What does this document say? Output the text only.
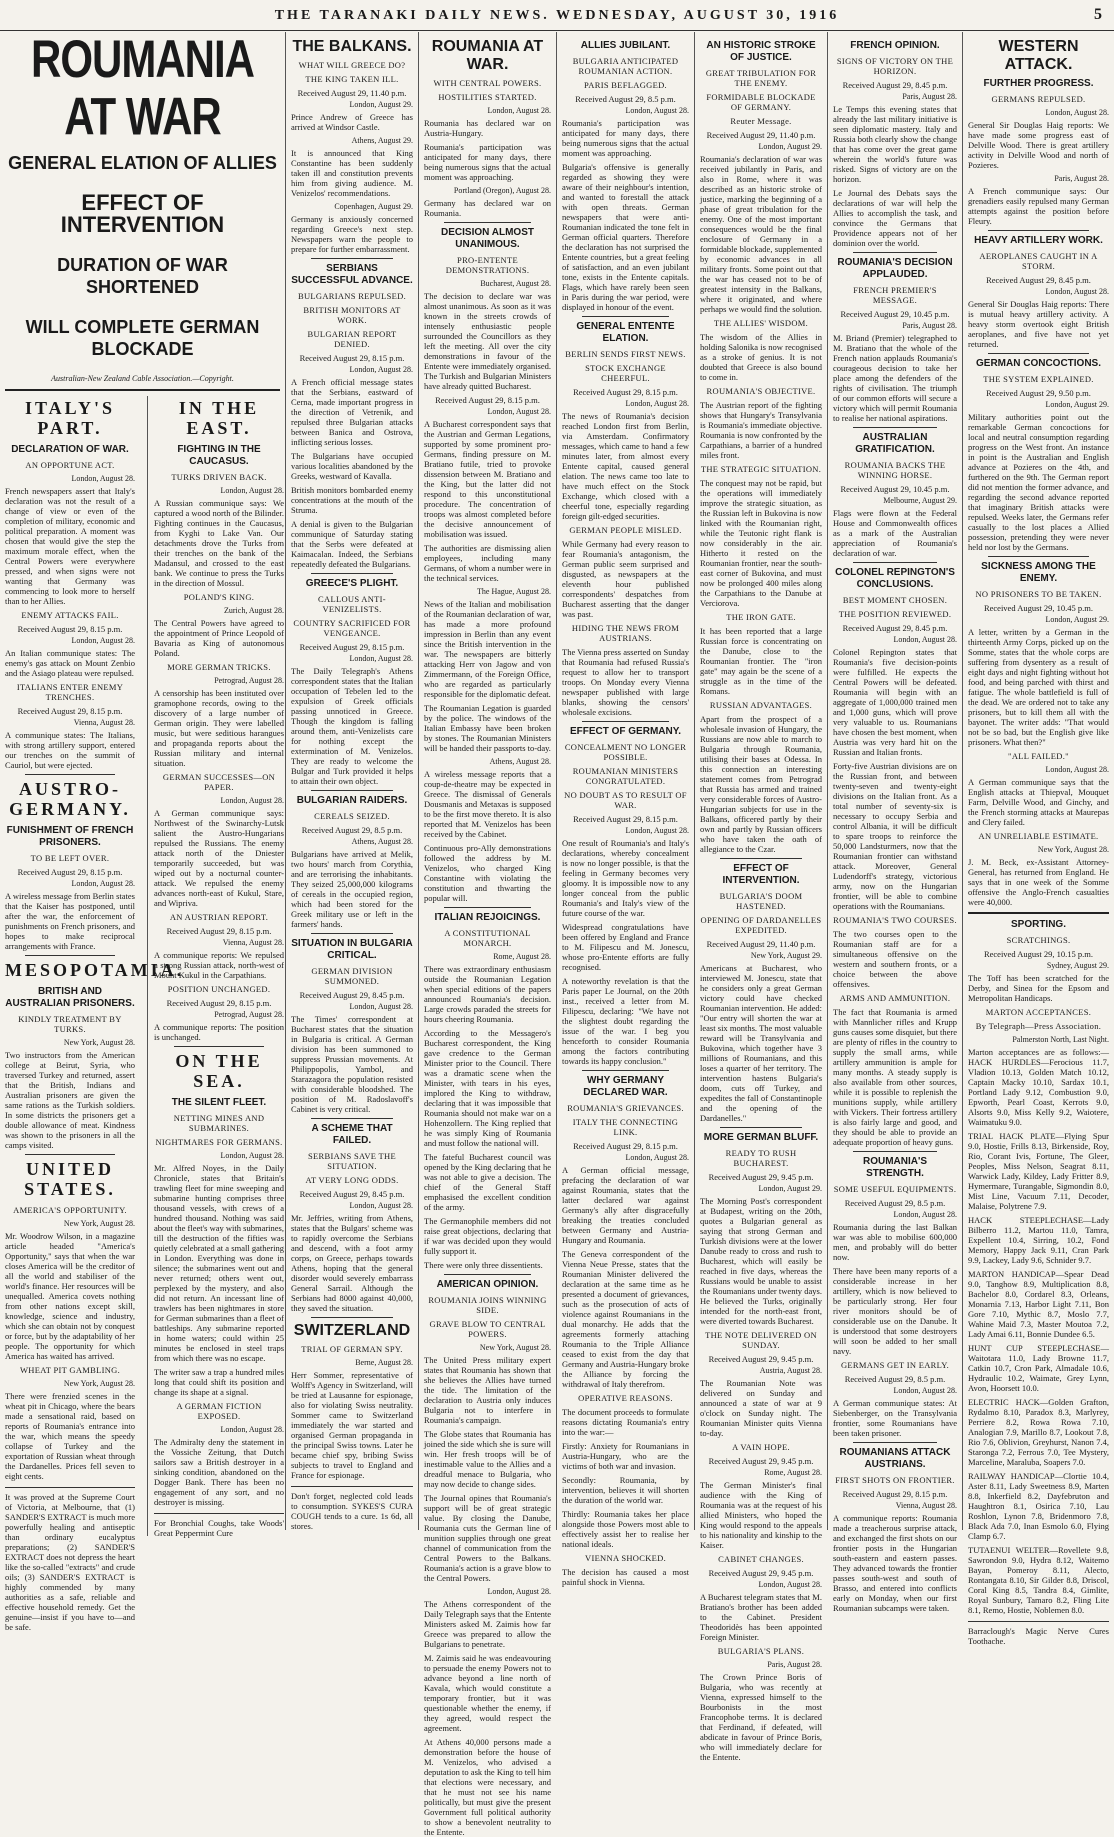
THE TARANAKI DAILY NEWS. WEDNESDAY, AUGUST 30, 1916	5
ROUMANIA AT WAR
GENERAL ELATION OF ALLIES
EFFECT OF INTERVENTION
DURATION OF WAR SHORTENED
WILL COMPLETE GERMAN BLOCKADE
Australian-New Zealand Cable Association.—Copyright.
ITALY'S PART.
DECLARATION OF WAR.
AN OPPORTUNE ACT.
London, August 28.

French newspapers assert that Italy's declaration was not the result of a change of view or even of the completion of military, economic and political preparation. A moment was chosen that would give the step the maximum morale effect, when the Central Powers were everywhere pressed, and when signs were not wanting that Germany was commencing to look more to herself than to her Allies.

ENEMY ATTACKS FAIL.
Received August 29, 8.15 p.m.
London, August 28.

An Italian communique states: The enemy's gas attack on Mount Zenbio and the Asiago plateau were repulsed.

ITALIANS ENTER ENEMY TRENCHES.
Received August 29, 8.15 p.m.
Vienna, August 28.

A communique states: The Italians, with strong artillery support, entered our trenches on the summit of Cauriol, but were ejected.

AUSTRO-GERMANY.
FUNISHMENT OF FRENCH PRISONERS.
TO BE LEFT OVER.
Received August 29, 8.15 p.m.
London, August 28.

A wireless message from Berlin states that the Kaiser has postponed, until after the war, the enforcement of punishments on French prisoners, and hopes to make reciprocal arrangements with France.

MESOPOTAMIA.
BRITISH AND AUSTRALIAN PRISONERS.
KINDLY TREATMENT BY TURKS.
New York, August 28.

Two instructors from the American college at Beirut, Syria, who traversed Turkey and returned, assert that the British, Indians and Australian prisoners are given the same rations as the Turkish soldiers. In some districts the prisoners get a double allowance of meat. Kindness was shown to the prisoners in all the camps visited.

UNITED STATES.
AMERICA'S OPPORTUNITY.
New York, August 28.

Mr. Woodrow Wilson, in a magazine article headed "America's Opportunity," says that when the war closes America will be the creditor of all the world and stabiliser of the world's finance. Her resources will be unequalled. America covets nothing from other nations except skill, knowledge, science and industry, which she can obtain not by conquest or force, but by the adaptability of her people. The opportunity for which America has waited has arrived.

WHEAT PIT GAMBLING.
New York, August 28.

There were frenzied scenes in the wheat pit in Chicago, where the bears made a sensational raid, based on reports of Roumania's entrance into the war, which means the speedy collapse of Turkey and the exportation of Russian wheat through the Dardanelles. Prices fell seven to eight cents.

It was proved at the Supreme Court of Victoria, at Melbourne, that (1) SANDER'S EXTRACT is much more powerfully healing and antiseptic than ordinary eucalyptus preparations; (2) SANDER'S EXTRACT does not depress the heart like the so-called "extracts" and crude oils; (3) SANDER'S EXTRACT is highly commended by many authorities as a safe, reliable and effective household remedy. Get the genuine—insist if you have to—and be safe.

IN THE EAST.
FIGHTING IN THE CAUCASUS.
TURKS DRIVEN BACK.
London, August 28.

A Russian communique says: We captured a wood north of the Bilinder. Fighting continues in the Caucasus, from Kyghi to Lake Van. Our detachments drove the Turks from their trenches on the bank of the Madansul, and crossed to the east bank. We continue to press the Turks in the direction of Mossul.

POLAND'S KING.
Zurich, August 28.

The Central Powers have agreed to the appointment of Prince Leopold of Bavaria as King of autonomous Poland.

MORE GERMAN TRICKS.
Petrograd, August 28.

A censorship has been instituted over gramophone records, owing to the discovery of a large number of German origin. They were labelled music, but were seditious harangues and propaganda reports about the Russian military and internal situation.

GERMAN SUCCESSES—ON PAPER.
London, August 28.

A German communique says: Northwest of the Swinarchy-Lutsk salient the Austro-Hungarians repulsed the Russians. The enemy attack north of the Dniester temporarily succeeded, but was wiped out by a nocturnal counter-attack. We repulsed the enemy advances north-east of Kukul, Stare, and Wipriva.

AN AUSTRIAN REPORT.
Received August 29, 8.15 p.m.
Vienna, August 28.

A communique reports: We repulsed a strong Russian attack, north-west of Mount Kukul in the Carpathians.

POSITION UNCHANGED.
Received August 29, 8.15 p.m.
Petrograd, August 28.

A communique reports: The position is unchanged.

ON THE SEA.
THE SILENT FLEET.
NETTING MINES AND SUBMARINES.
NIGHTMARES FOR GERMANS.
London, August 28.

Mr. Alfred Noyes, in the Daily Chronicle, states that Britain's trawling fleet for mine sweeping and submarine hunting comprises three thousand vessels, with crews of a hundred thousand. Nothing was said about the fleet's way with submarines, till the destruction of the fifties was quietly celebrated at a small gathering in London. Everything was done in silence; the submarines went out and never returned; others went out, perplexed by the mystery, and also did not return. An incessant line of trawlers has been nightmares in store for German submarines than a fleet of battleships. Any submarine reported in home waters; could within 25 minutes be enclosed in steel traps from which there was no escape.

The writer saw a trap a hundred miles long that could shift its position and change its shape at a signal.

A GERMAN FICTION EXPOSED.
London, August 28.

The Admiralty deny the statement in the Vossiche Zeitung, that Dutch sailors saw a British destroyer in a sinking condition, abandoned on the Dogger Bank. There has been no engagement of any sort, and no destroyer is missing.

For Bronchial Coughs, take Woods' Great Peppermint Cure

THE BALKANS.
WHAT WILL GREECE DO?
THE KING TAKEN ILL.
Received August 29, 11.40 p.m.
London, August 29.

Prince Andrew of Greece has arrived at Windsor Castle.

Athens, August 29.

It is announced that King Constantine has been suddenly taken ill and constitution prevents him from giving audience. M. Venizelos' recommendations.

Copenhagen, August 29.

Germany is anxiously concerned regarding Greece's next step. Newspapers warn the people to prepare for further embarrassment.

SERBIANS SUCCESSFUL ADVANCE.
BULGARIANS REPULSED.
BRITISH MONITORS AT WORK.
BULGARIAN REPORT DENIED.
Received August 29, 8.15 p.m.
London, August 28.

A French official message states that the Serbians, eastward of Cerna, made important progress in the direction of Vetrenik, and repulsed three Bulgarian attacks between Banica and Ostrova, inflicting serious losses.

The Bulgarians have occupied various localities abandoned by the Greeks, westward of Kavalla.

British monitors bombarded enemy concentrations at the mouth of the Struma.

A denial is given to the Bulgarian communique of Saturday stating that the Serbs were defeated at Kaimacalan. Indeed, the Serbians repeatedly defeated the Bulgarians.

GREECE'S PLIGHT.
CALLOUS ANTI-VENIZELISTS.
COUNTRY SACRIFICED FOR VENGEANCE.
Received August 29, 8.15 p.m.
London, August 28.

The Daily Telegraph's Athens correspondent states that the Italian occupation of Tebelen led to the expulsion of Greek officials passing unnoticed in Greece. Though the kingdom is falling around them, anti-Venizelists care for nothing except the extermination of M. Venizelos. They are ready to welcome the Bulgar and Turk provided it helps to attain their own object.

BULGARIAN RAIDERS.
CEREALS SEIZED.
Received August 29, 8.5 p.m.
Athens, August 28.

Bulgarians have arrived at Melik, two hours' march from Corythia, and are terrorising the inhabitants. They seized 25,000,000 kilograms of cereals in the occupied region, which had been stored for the Greek military use or left in the farmers' hands.

SITUATION IN BULGARIA CRITICAL.
GERMAN DIVISION SUMMONED.
Received August 29, 8.45 p.m.
London, August 28.

The Times' correspondent at Bucharest states that the situation in Bulgaria is critical. A German division has been summoned to suppress Prussian movements. At Philippopolis, Yambol, and Starazagora the population resisted with considerable bloodshed. The position of M. Radoslavoff's Cabinet is very critical.

A SCHEME THAT FAILED.
SERBIANS SAVE THE SITUATION.
AT VERY LONG ODDS.
Received August 29, 8.45 p.m.
London, August 28.

Mr. Jeffries, writing from Athens, states that the Bulgars' scheme was to rapidly overcome the Serbians and descend, with a foot army corps, on Greece, perhaps towards Athens, hoping that the general disorder would severely embarrass General Sarrail. Although the Serbians had 8000 against 40,000, they saved the situation.

SWITZERLAND
TRIAL OF GERMAN SPY.
Berne, August 28.

Herr Sommer, representative of Wolff's Agency in Switzerland, will be tried at Lausanne for espionage, also for violating Swiss neutrality. Sommer came to Switzerland immediately the war started and organised German propaganda in the principal Swiss towns. Later he became chief spy, bribing Swiss subjects to travel to England and France for espionage.

Don't forget, neglected cold leads to consumption. SYKES'S CURA COUGH tends to a cure. 1s 6d, all stores.

ROUMANIA AT WAR.
WITH CENTRAL POWERS.
HOSTILITIES STARTED.
London, August 28.

Roumania has declared war on Austria-Hungary.

Roumania's participation was anticipated for many days, there being numerous signs that the actual moment was approaching.

Portland (Oregon), August 28.

Germany has declared war on Roumania.

DECISION ALMOST UNANIMOUS.
PRO-ENTENTE DEMONSTRATIONS.
Bucharest, August 28.

The decision to declare war was almost unanimous. As soon as it was known in the streets crowds of intensely enthusiastic people surrounded the Councillors as they left the meeting. All over the city demonstrations in favour of the Entente were immediately organised. The Turkish and Bulgarian Ministers have already quitted Bucharest.

Received August 29, 8.15 p.m.
London, August 28.

A Bucharest correspondent says that the Austrian and German Legations, supported by some prominent pro-Germans, finding pressure on M. Bratiano futile, tried to provoke dissension between M. Bratiano and the King, but the latter did not respond to this unconstitutional procedure. The concentration of troops was almost completed before the decisive announcement of mobilisation was issued.

The authorities are dismissing alien employees, including many Germans, of whom a number were in the technical services.

The Hague, August 28.

News of the Italian and mobilisation of the Roumanian declaration of war, has made a more profound impression in Berlin than any event since the British intervention in the war. The newspapers are bitterly attacking Herr von Jagow and von Zimmermann, of the Foreign Office, who are regarded as particularly responsible for the diplomatic defeat.

The Roumanian Legation is guarded by the police. The windows of the Italian Embassy have been broken by stones. The Roumanian Ministers will be handed their passports to-day.

Athens, August 28.

A wireless message reports that a coup-de-theatre may be expected in Greece. The dismissal of Generals Dousmanis and Metaxas is supposed to be the first move thereto. It is also reported that M. Venizelos has been received by the Cabinet.

Continuous pro-Ally demonstrations followed the address by M. Venizelos, who charged King Constantine with violating the constitution and thwarting the popular will.

ITALIAN REJOICINGS.
A CONSTITUTIONAL MONARCH.
Rome, August 28.

There was extraordinary enthusiasm outside the Roumanian Legation when special editions of the papers announced Roumania's decision. Large crowds paraded the streets for hours cheering Roumania.

According to the Messagero's Bucharest correspondent, the King gave credence to the German Minister prior to the Council. There was a dramatic scene when the Minister, with tears in his eyes, implored the King to withdraw, declaring that it was impossible that Roumania should not make war on a Hohenzollern. The King replied that he was simply King of Roumania and must follow the national will.

The fateful Bucharest council was opened by the King declaring that he was not able to give a decision. The chief of the General Staff emphasised the excellent condition of the army.

The Germanophile members did not raise great objections, declaring that if war was decided upon they would fully support it.

There were only three dissentients.

AMERICAN OPINION.
ROUMANIA JOINS WINNING SIDE.
GRAVE BLOW TO CENTRAL POWERS.
New York, August 28.

The United Press military expert states that Roumania has shown that she believes the Allies have turned the tide. The limitation of the declaration to Austria only induces Bulgaria not to interfere in Roumania's campaign.

The Globe states that Roumania has joined the side which she is sure will win. Her fresh troops will be of inestimable value to the Allies and a dreadful menace to Bulgaria, who may now decide to change sides.

The Journal opines that Roumania's support will be of great strategic value. By closing the Danube, Roumania cuts the German line of munition supplies through one great channel of communication from the Central Powers to the Balkans. Roumania's action is a grave blow to the Central Powers.

London, August 28.

The Athens correspondent of the Daily Telegraph says that the Entente Ministers asked M. Zaimis how far Greece was prepared to allow the Bulgarians to penetrate.

M. Zaimis said he was endeavouring to persuade the enemy Powers not to advance beyond a line north of Kavala, which would constitute a temporary frontier, but it was questionable whether the enemy, if they agreed, would respect the agreement.

At Athens 40,000 persons made a demonstration before the house of M. Venizelos, who advised a deputation to ask the King to tell him that elections were necessary, and that he must not see his name politically, but must give the present Government full political authority to show a benevolent neutrality to the Entente.

ALLIES JUBILANT.
BULGARIA ANTICIPATED ROUMANIAN ACTION.
PARIS BEFLAGGED.
Received August 29, 8.5 p.m.
London, August 28.

Roumania's participation was anticipated for many days, there being numerous signs that the actual moment was approaching.

Bulgaria's offensive is generally regarded as showing they were aware of their neighbour's intention, and wanted to forestall the attack with open threats. German newspapers that were anti-Roumanian indicated the tone felt in German official quarters. Therefore the declaration has not surprised the Entente countries, but a great feeling of satisfaction, and an even jubilant tone, exists in the Entente capitals. Flags, which have rarely been seen in Paris during the war period, were displayed in honour of the event.

GENERAL ENTENTE ELATION.
BERLIN SENDS FIRST NEWS.
STOCK EXCHANGE CHEERFUL.
Received August 29, 8.15 p.m.
London, August 28.

The news of Roumania's decision reached London first from Berlin, via Amsterdam. Confirmatory messages, which came to hand a few minutes later, from almost every Entente capital, caused general elation. The news came too late to have much effect on the Stock Exchange, which closed with a cheerful tone, especially regarding foreign gilt-edged securities.

GERMAN PEOPLE MISLED.

While Germany had every reason to fear Roumania's antagonism, the German public seem surprised and disgusted, as newspapers at the eleventh hour published correspondents' despatches from Bucharest asserting that the danger was past.

HIDING THE NEWS FROM AUSTRIANS.

The Vienna press asserted on Sunday that Roumania had refused Russia's request to allow her to transport troops. On Monday every Vienna newspaper published with large blanks, showing the censors' wholesale excisions.

EFFECT OF GERMANY.
CONCEALMENT NO LONGER POSSIBLE.
ROUMANIAN MINISTERS CONGRATULATED.
NO DOUBT AS TO RESULT OF WAR.
Received August 29, 8.15 p.m.
London, August 28.

One result of Roumania's and Italy's declarations, whereby concealment is now no longer possible, is that the feeling in Germany becomes very gloomy. It is impossible now to any longer conceal from the public Roumania's and Italy's view of the future course of the war.

Widespread congratulations have been offered by England and France to M. Filipescu and M. Jonescu, whose pro-Entente efforts are fully recognised.

A noteworthy revelation is that the Paris paper Le Journal, on the 20th inst., received a letter from M. Filipescu, declaring: "We have not the slightest doubt regarding the issue of the war. I beg you henceforth to consider Roumania among the factors contributing towards its happy conclusion."

WHY GERMANY DECLARED WAR.
ROUMANIA'S GRIEVANCES.
ITALY THE CONNECTING LINK.
Received August 29, 8.15 p.m.
London, August 28.

A German official message, prefacing the declaration of war against Roumania, states that the latter declared war against Germany's ally after disgracefully breaking the treaties concluded between Germany and Austria-Hungary and Roumania.

The Geneva correspondent of the Vienna Neue Presse, states that the Roumanian Minister delivered the declaration at the same time as he presented a document of grievances, such as the prosecution of acts of violence against Roumanians in the dual monarchy. He adds that the agreements formerly attaching Roumania to the Triple Alliance ceased to exist from the day that Germany and Austria-Hungary broke the Alliance by forcing the withdrawal of Italy therefrom.

OPERATIVE REASONS.

The document proceeds to formulate reasons dictating Roumania's entry into the war:—

Firstly: Anxiety for Roumanians in Austria-Hungary, who are the victims of both war and invasion.

Secondly: Roumania, by intervention, believes it will shorten the duration of the world war.

Thirdly: Roumania takes her place alongside those Powers most able to effectively assist her to realise her national ideals.

VIENNA SHOCKED.

The decision has caused a most painful shock in Vienna.

AN HISTORIC STROKE OF JUSTICE.
GREAT TRIBULATION FOR THE ENEMY.
FORMIDABLE BLOCKADE OF GERMANY.
Reuter Message.
Received August 29, 11.40 p.m.
London, August 29.

Roumania's declaration of war was received jubilantly in Paris, and also in Rome, where it was described as an historic stroke of justice, marking the beginning of a phase of great tribulation for the enemy. One of the most important consequences would be the final enclosure of Germany in a formidable blockade, supplemented by economic advances in all military fronts. Some point out that the war has ceased not to be of greatest intensity in the Balkans, where it originated, and where perhaps we would find the solution.

THE ALLIES' WISDOM.

The wisdom of the Allies in holding Salonika is now recognised as a stroke of genius. It is not doubted that Greece is also bound to come in.

ROUMANIA'S OBJECTIVE.

The Austrian report of the fighting shows that Hungary's Transylvania is Roumania's immediate objective. Roumania is now confronted by the Carpathians, a barrier of a hundred miles front.

THE STRATEGIC SITUATION.

The conquest may not be rapid, but the operations will immediately improve the strategic situation, as the Russian left in Bukovina is now linked with the Roumanian right, while the Teutonic right flank is now considerably in the air. Hitherto it rested on the Roumanian frontier, near the south-east corner of Bukovina, and must now be prolonged 400 miles along the Carpathians to the Danube at Verciorova.

THE IRON GATE.

It has been reported that a large Russian force is concentrating on the Danube, close to the Roumanian frontier. The "iron gate" may again be the scene of a struggle as in the time of the Romans.

RUSSIAN ADVANTAGES.

Apart from the prospect of a wholesale invasion of Hungary, the Russians are now able to march to Bulgaria through Roumania, utilising their bases at Odessa. In this connection an interesting statement comes from Petrograd that Russia has armed and trained very considerable forces of Austro-Hungarian subjects for use in the Balkans, officered partly by their own and partly by Russian officers who have taken the oath of allegiance to the Czar.

EFFECT OF INTERVENTION.
BULGARIA'S DOOM HASTENED.
OPENING OF DARDANELLES EXPEDITED.
Received August 29, 11.40 p.m.
New York, August 29.

Americans at Bucharest, who interviewed M. Jonescu, state that he considers only a great German victory could have checked Roumanian intervention. He added: "Our entry will shorten the war at least six months. The most valuable reward will be Transylvania and Bukovina, which together have 3 millions of Roumanians, and this loses a quarter of her territory. The intervention hastens Bulgaria's doom, cuts off Turkey, and expedites the fall of Constantinople and the opening of the Dardanelles."

MORE GERMAN BLUFF.
READY TO RUSH BUCHAREST.
Received August 29, 9.45 p.m.
London, August 29.

The Morning Post's correspondent at Budapest, writing on the 20th, quotes a Bulgarian general as saying that strong German and Turkish divisions were at the lower Danube ready to cross and rush to Bucharest, which will easily be reached in five days, whereas the Russians would be unable to assist the Roumanians under twenty days. He believed the Turks, originally intended for the north-east front, were diverted towards Bucharest.

THE NOTE DELIVERED ON SUNDAY.
Received August 29, 9.45 p.m.
Austria, August 28.

The Roumanian Note was delivered on Sunday and announced a state of war at 9 o'clock on Sunday night. The Roumanian Minister quits Vienna to-day.

A VAIN HOPE.
Received August 29, 9.45 p.m.
Rome, August 28.

The German Minister's final audience with the King of Roumania was at the request of his allied Ministers, who hoped the King would respond to the appeals to his nationality and kinship to the Kaiser.

CABINET CHANGES.
Received August 29, 9.45 p.m.
London, August 28.

A Bucharest telegram states that M. Bratiano's brother has been added to the Cabinet. President Theodoridès has been appointed Foreign Minister.

BULGARIA'S PLANS.
Paris, August 28.

The Crown Prince Boris of Bulgaria, who was recently at Vienna, expressed himself to the Bourbonists in the most Francophobe terms. It is declared that Ferdinand, if defeated, will abdicate in favour of Prince Boris, who will immediately declare for the Entente.

FRENCH OPINION.
SIGNS OF VICTORY ON THE HORIZON.
Received August 29, 8.45 p.m.
Paris, August 28.

Le Temps this evening states that already the last military initiative is seen diplomatic mastery. Italy and Russia both clearly show the change that has come over the great game wherein the world's future was risked. Signs of victory are on the horizon.

Le Journal des Debats says the declarations of war will help the Allies to accomplish the task, and convince the Germans that Providence appears not of her dominion over the world.

ROUMANIA'S DECISION APPLAUDED.
FRENCH PREMIER'S MESSAGE.
Received August 29, 10.45 p.m.
Paris, August 28.

M. Briand (Premier) telegraphed to M. Bratiano that the whole of the French nation applauds Roumania's courageous decision to take her place among the defenders of the rights of civilisation. The triumph of our common efforts will secure a victory which will permit Roumania to realise her national aspirations.

AUSTRALIAN GRATIFICATION.
ROUMANIA BACKS THE WINNING HORSE.
Received August 29, 10.45 p.m.
Melbourne, August 29.

Flags were flown at the Federal House and Commonwealth offices as a mark of the Australian appreciation of Roumania's declaration of war.

COLONEL REPINGTON'S CONCLUSIONS.
BEST MOMENT CHOSEN.
THE POSITION REVIEWED.
Received August 29, 8.45 p.m.
London, August 28.

Colonel Repington states that Roumania's five decision-points were fulfilled. He expects the Central Powers will be defeated. Roumania will begin with an aggregate of 1,000,000 trained men and 1,000 guns, which will prove very valuable to us. Roumanians have chosen the best moment, when Austria was very hard hit on the Russian and Italian fronts.

Forty-five Austrian divisions are on the Russian front, and between twenty-seven and twenty-eight divisions on the Italian front. As a total number of seventy-six is necessary to occupy Serbia and control Albania, it will be difficult to spare troops to reinforce the 50,000 Landsturmers, now that the Roumanian frontier can withstand attack. Moreover, General Ludendorff's strategy, victorious army, now on the Hungarian frontier, will be able to combine operations with the Roumanians.

ROUMANIA'S TWO COURSES.

The two courses open to the Roumanian staff are for a simultaneous offensive on the western and southern fronts, or a choice between the above offensives.

ARMS AND AMMUNITION.

The fact that Roumania is armed with Mannlicher rifles and Krupp guns causes some disquiet, but there are plenty of rifles in the country to supply the small arms, while artillery ammunition is ample for many months. A steady supply is also available from other sources, while it is possible to replenish the munitions supply, while artillery with Vickers. Their fortress artillery is also fairly large and good, and they should be able to provide an adequate proportion of heavy guns.

ROUMANIA'S STRENGTH.
SOME USEFUL EQUIPMENTS.
Received August 29, 8.5 p.m.
London, August 28.

Roumania during the last Balkan war was able to mobilise 600,000 men, and probably will do better now.

There have been many reports of a considerable increase in her artillery, which is now believed to be particularly strong. Her four river monitors should be of considerable use on the Danube. It is understood that some destroyers will soon be added to her small navy.

GERMANS GET IN EARLY.
Received August 29, 8.5 p.m.
London, August 28.

A German communique states: At Siebenberger, on the Transylvania frontier, some Roumanians have been taken prisoner.

ROUMANIANS ATTACK AUSTRIANS.
FIRST SHOTS ON FRONTIER.
Received August 29, 8.15 p.m.
Vienna, August 28.

A communique reports: Roumania made a treacherous surprise attack, and exchanged the first shots on our frontier posts in the Hungarian south-eastern and eastern passes. They advanced towards the frontier passes south-west and south of Brasso, and entered into conflicts early on Monday, when our first Roumanian subcamps were taken.

WESTERN ATTACK.
FURTHER PROGRESS.
GERMANS REPULSED.
London, August 28.

General Sir Douglas Haig reports: We have made some progress east of Delville Wood. There is great artillery activity in Delville Wood and north of Pozieres.

Paris, August 28.

A French communique says: Our grenadiers easily repulsed many German attempts against the position before Fleury.

HEAVY ARTILLERY WORK.
AEROPLANES CAUGHT IN A STORM.
Received August 29, 8.45 p.m.
London, August 28.

General Sir Douglas Haig reports: There is mutual heavy artillery activity. A heavy storm overtook eight British aeroplanes, and five have not yet returned.

GERMAN CONCOCTIONS.
THE SYSTEM EXPLAINED.
Received August 29, 9.50 p.m.
London, August 29.

Military authorities point out the remarkable German concoctions for local and neutral consumption regarding progress on the West front. An instance in point is the Australian and English advance at Pozieres on the 4th, and furthered on the 9th. The German report did not mention the former advance, and regarding the second advance reported that imaginary British attacks were repulsed. Weeks later, the Germans refer casually to the lost places a Allied possession, pretending they were never held nor lost by the Germans.

SICKNESS AMONG THE ENEMY.
NO PRISONERS TO BE TAKEN.
Received August 29, 10.45 p.m.
London, August 29.

A letter, written by a German in the thirteenth Army Corps, picked up on the Somme, states that the whole corps are suffering from dysentery as a result of eight days and night fighting without hot food, and being parched with thirst and fatigue. The whole battlefield is full of the dead. We are ordered not to take any prisoners, but to kill them all with the bayonet. The writer adds: "That would not be so bad, but the English give like prisoners. What then?"

"ALL FAILED."
London, August 28.

A German communique says that the English attacks at Thiepval, Mouquet Farm, Delville Wood, and Ginchy, and the French storming attacks at Maurepas and Clery failed.

AN UNRELIABLE ESTIMATE.
New York, August 28.

J. M. Beck, ex-Assistant Attorney-General, has returned from England. He says that in one week of the Somme offensive the Anglo-French casualties were 40,000.

SPORTING.
SCRATCHINGS.
Received August 29, 10.15 p.m.
Sydney, August 29.

The Toff has been scratched for the Derby, and Sinea for the Epsom and Metropolitan Handicaps.

MARTON ACCEPTANCES.
By Telegraph—Press Association.
Palmerston North, Last Night.

Marton acceptances are as follows:—HACK HURDLES—Ferocious 11.7, Vladion 10.13, Golden Match 10.12, Captain Macky 10.10, Sardax 10.1, Portland Lady 9.12, Combustion 9.0, Epworth, Pearl Coast, Kerrots 9.0, Alsorts 9.0, Miss Kelly 9.2, Waiotere, Waimatuku 9.0.

TRIAL HACK PLATE—Flying Spur 9.0, Hostie, Frills 8.13, Birkenside, Roy, Rio, Corant Ivis, Fortune, The Gleer, Peoples, Miss Nelson, Seagrat 8.11, Warwick Lady, Kildey, Lady Fritter 8.9, Hymermare, Turangable, Sigmondin 8.0, Mist Line, Vacuum 7.11, Decoder, Malaise, Polytrene 7.9.

HACK STEEPLECHASE—Lady Bilberro 11.2, Martou 11.0, Tamra, Expellent 10.4, Sirring, 10.2, Fond Memory, Happy Jack 9.11, Cran Park 9.9, Lackey, Lady 9.6, Schnider 9.7.

MARTON HANDICAP—Spear Dead 9.0, Tanghow 8.9, Multiplication 8.8, Bachelor 8.0, Cordarel 8.3, Orleans, Monarnia 7.13, Harbor Light 7.11, Bon Gore 7.10, Mythic 8.7, Moslo 7.7, Wahine Maid 7.3, Master Moutoa 7.2, Lady Amai 6.11, Bonnie Dundee 6.5.

HUNT CUP STEEPLECHASE—Waitotara 11.0, Lady Browne 11.7, Catkin 10.7, Cron Park, Almadale 10.6, Hydraulic 10.2, Waimate, Grey Lynn, Avon, Hoorsett 10.0.

ELECTRIC HACK—Golden Grafton, Rydalmo 8.10, Paradox 8.3, Marlyrey, Perriere 8.2, Rowa Rowa 7.10, Analogian 7.9, Marillo 8.7, Lookout 7.8, Rio 7.6, Oblivion, Greyhurst, Nanon 7.4, Staronga 7.2, Ferrous 7.0, Tee Mystery, Marceline, Maraluba, Soapers 7.0.

RAILWAY HANDICAP—Clortie 10.4, Aster 8.11, Lady Sweetness 8.9, Marten 8.8, Inkerfield 8.2, Dayfebruton and Haughtron 8.1, Osirica 7.10, Lau Roshlon, Lynon 7.8, Bridenmoro 7.8, Black Ada 7.0, Inan Esmolo 6.0, Flying Clamp 6.7.

TUTAENUI WELTER—Rovellete 9.8, Sawrondon 9.0, Hydra 8.12, Waitemo Bayan, Pomeroy 8.11, Alecto, Rontangata 8.10, Sir Gilder 8.8, Driscol, Coral King 8.5, Tandra 8.4, Gimlite, Royal Sunbury, Tamaro 8.2, Fling Lite 8.1, Remo, Hostie, Noblemen 8.0.

Barraclough's Magic Nerve Cures Toothache.
